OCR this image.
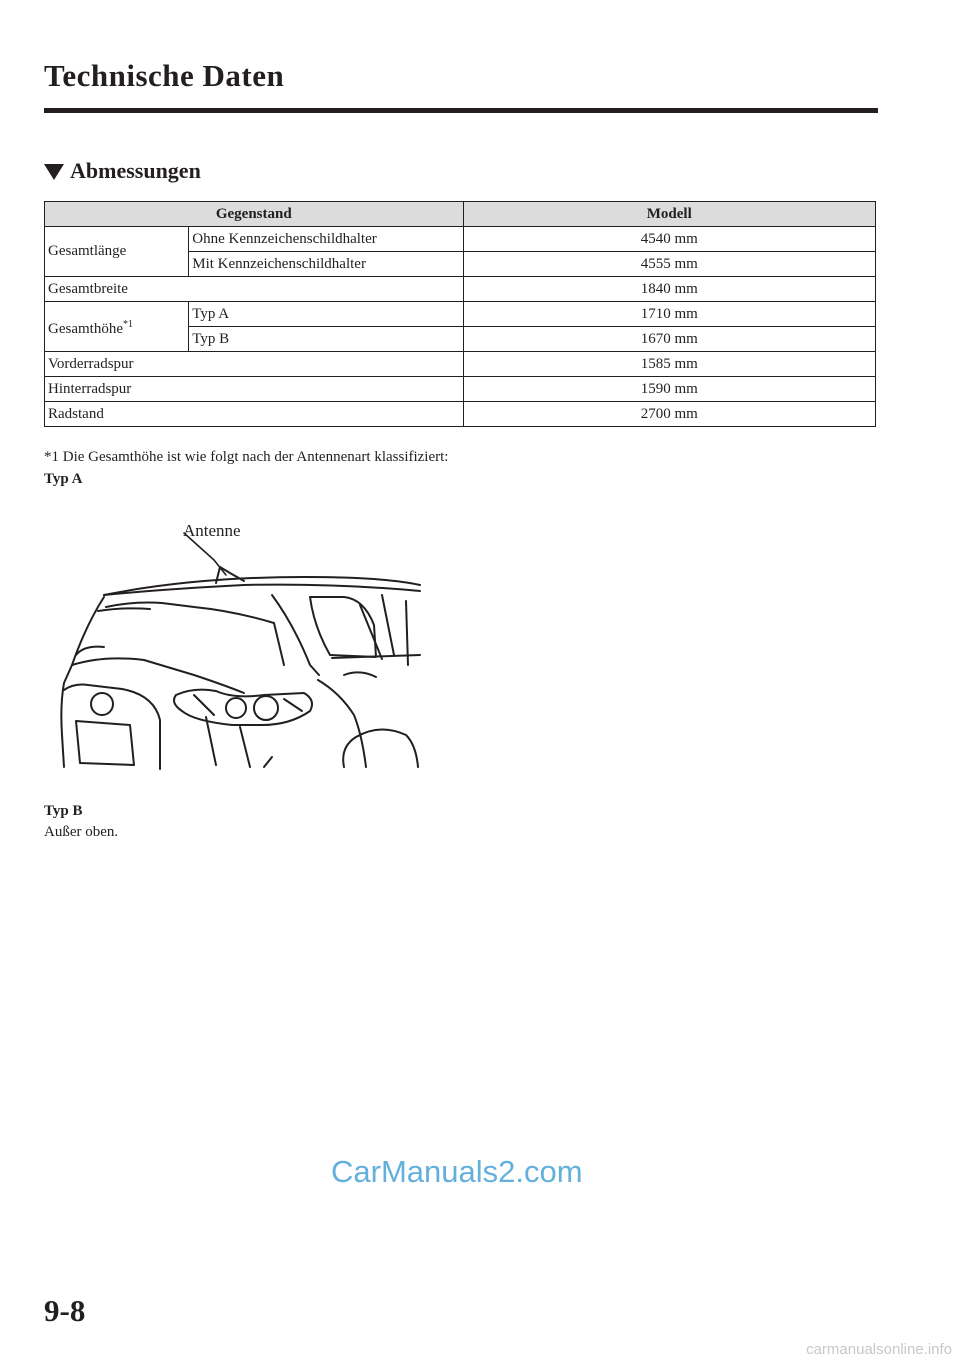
Technische Daten
Abmessungen
Gegenstand		Modell
Gesamtlänge	Ohne Kennzeichenschildhalter	4540 mm
	Mit Kennzeichenschildhalter	4555 mm
Gesamtbreite		1840 mm
Gesamthöhe$^{*1}$	Typ A	1710 mm
	Typ B	1670 mm
Vorderradspur		1585 mm
Hinterradspur		1590 mm
Radstand		2700 mm
*1 Die Gesamthöhe ist wie folgt nach der Antennenart klassifiziert:
Typ A
Antenne
Typ B
Außer oben.
CarManuals2.com
9-8
carmanualsonline.info
